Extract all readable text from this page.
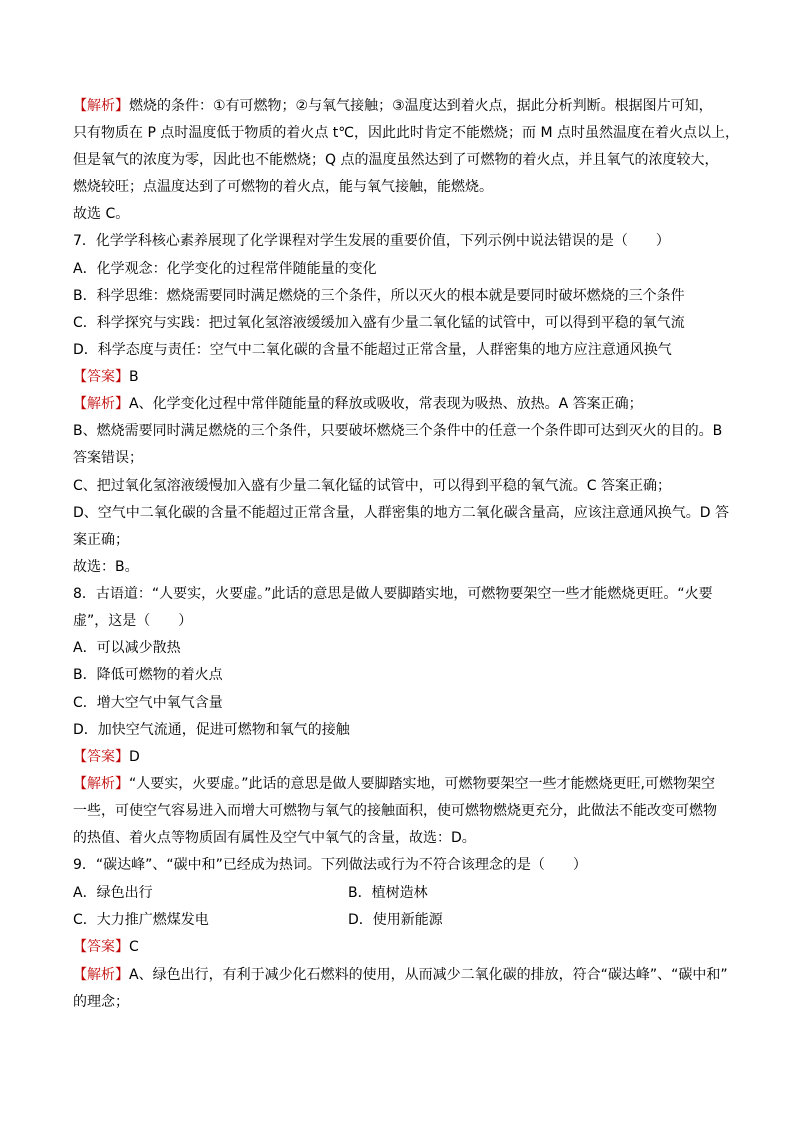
【解析】燃烧的条件：①有可燃物；②与氧气接触；③温度达到着火点，据此分析判断。根据图片可知，
只有物质在 P 点时温度低于物质的着火点 t℃，因此此时肯定不能燃烧；而 M 点时虽然温度在着火点以上，
但是氧气的浓度为零，因此也不能燃烧；Q 点的温度虽然达到了可燃物的着火点，并且氧气的浓度较大，
燃烧较旺；点温度达到了可燃物的着火点，能与氧气接触，能燃烧。
故选 C。
7．化学学科核心素养展现了化学课程对学生发展的重要价值，下列示例中说法错误的是（　　）
A．化学观念：化学变化的过程常伴随能量的变化
B．科学思维：燃烧需要同时满足燃烧的三个条件，所以灭火的根本就是要同时破坏燃烧的三个条件
C．科学探究与实践：把过氧化氢溶液缓缓加入盛有少量二氧化锰的试管中，可以得到平稳的氧气流
D．科学态度与责任：空气中二氧化碳的含量不能超过正常含量，人群密集的地方应注意通风换气
【答案】B
【解析】A、化学变化过程中常伴随能量的释放或吸收，常表现为吸热、放热。A 答案正确；
B、燃烧需要同时满足燃烧的三个条件，只要破坏燃烧三个条件中的任意一个条件即可达到灭火的目的。B
答案错误；
C、把过氧化氢溶液缓慢加入盛有少量二氧化锰的试管中，可以得到平稳的氧气流。C 答案正确；
D、空气中二氧化碳的含量不能超过正常含量，人群密集的地方二氧化碳含量高，应该注意通风换气。D 答
案正确；
故选：B。
8．古语道：“人要实，火要虚。”此话的意思是做人要脚踏实地，可燃物要架空一些才能燃烧更旺。“火要
虚”，这是（　　）
A．可以减少散热
B．降低可燃物的着火点
C．增大空气中氧气含量
D．加快空气流通，促进可燃物和氧气的接触
【答案】D
【解析】“人要实，火要虚。”此话的意思是做人要脚踏实地，可燃物要架空一些才能燃烧更旺,可燃物架空
一些，可使空气容易进入而增大可燃物与氧气的接触面积，使可燃物燃烧更充分，此做法不能改变可燃物
的热值、着火点等物质固有属性及空气中氧气的含量，故选：D。
9．“碳达峰”、“碳中和”已经成为热词。下列做法或行为不符合该理念的是（　　）
A．绿色出行	B．植树造林
C．大力推广燃煤发电	D．使用新能源
【答案】C
【解析】A、绿色出行，有利于减少化石燃料的使用，从而减少二氧化碳的排放，符合“碳达峰”、“碳中和”
的理念；
